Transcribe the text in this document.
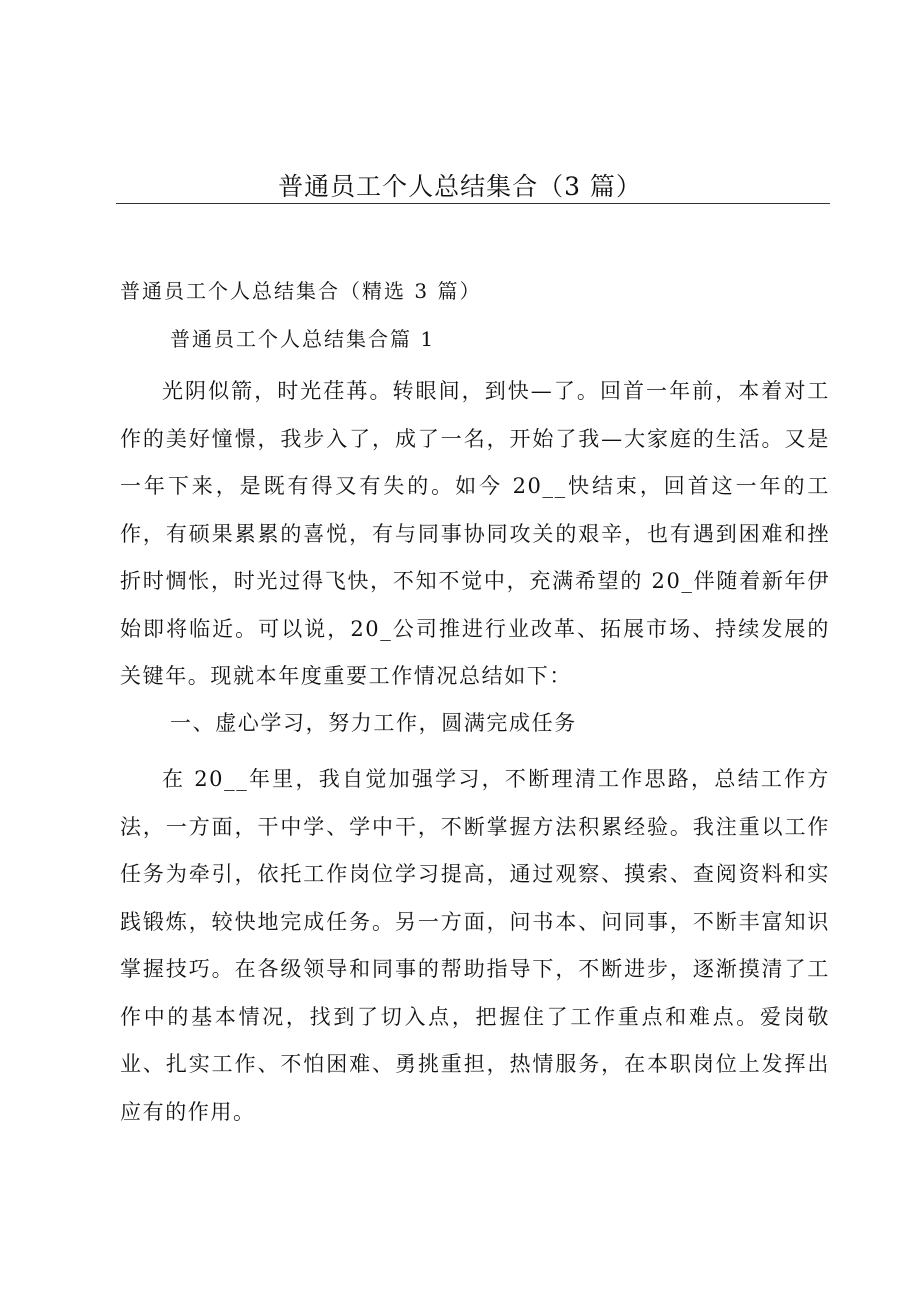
普通员工个人总结集合（3 篇）

普通员工个人总结集合（精选 3 篇）

普通员工个人总结集合篇 1

光阴似箭，时光荏苒。转眼间，到快—了。回首一年前，本着对工作的美好憧憬，我步入了，成了一名，开始了我—大家庭的生活。又是一年下来，是既有得又有失的。如今 20__快结束，回首这一年的工作，有硕果累累的喜悦，有与同事协同攻关的艰辛，也有遇到困难和挫折时惆怅，时光过得飞快，不知不觉中，充满希望的 20_伴随着新年伊始即将临近。可以说，20_公司推进行业改革、拓展市场、持续发展的关键年。现就本年度重要工作情况总结如下：

一、虚心学习，努力工作，圆满完成任务

在 20__年里，我自觉加强学习，不断理清工作思路，总结工作方法，一方面，干中学、学中干，不断掌握方法积累经验。我注重以工作任务为牵引，依托工作岗位学习提高，通过观察、摸索、查阅资料和实践锻炼，较快地完成任务。另一方面，问书本、问同事，不断丰富知识掌握技巧。在各级领导和同事的帮助指导下，不断进步，逐渐摸清了工作中的基本情况，找到了切入点，把握住了工作重点和难点。爱岗敬业、扎实工作、不怕困难、勇挑重担，热情服务，在本职岗位上发挥出应有的作用。
